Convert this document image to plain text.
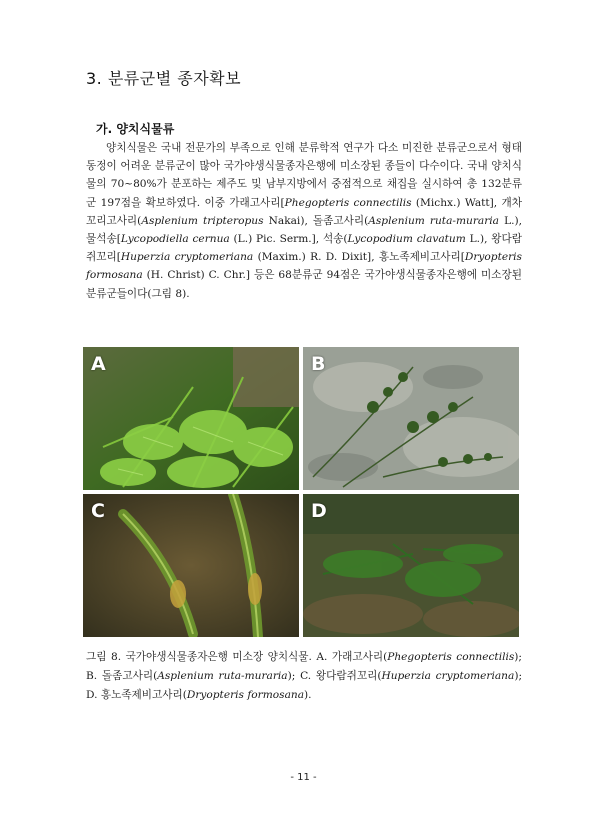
3. 분류군별 종자확보
가. 양치식물류

양치식물은 국내 전문가의 부족으로 인해 분류학적 연구가 다소 미진한 분류군으로서 형태동정이 어려운 분류군이 많아 국가야생식물종자은행에 미소장된 종들이 다수이다. 국내 양치식물의 70~80%가 분포하는 제주도 및 남부지방에서 중점적으로 채집을 실시하여 총 132분류군 197점을 확보하였다. 이중 가래고사리[Phegopteris connectilis (Michx.) Watt], 개차꼬리고사리(Asplenium tripteropus Nakai), 돌좀고사리(Asplenium ruta-muraria L.), 물석송[Lycopodiella cernua (L.) Pic. Serm.], 석송(Lycopodium clavatum L.), 왕다람쥐꼬리[Huperzia cryptomeriana (Maxim.) R. D. Dixit], 홍노족제비고사리[Dryopteris formosana (H. Christ) C. Chr.] 등은 68분류군 94점은 국가야생식물종자은행에 미소장된 분류군들이다(그림 8).

A	B
C	D

그림 8. 국가야생식물종자은행 미소장 양치식물. A. 가래고사리(Phegopteris connectilis); B. 돌좀고사리(Asplenium ruta-muraria); C. 왕다람쥐꼬리(Huperzia cryptomeriana); D. 홍노족제비고사리(Dryopteris formosana).

- 11 -
